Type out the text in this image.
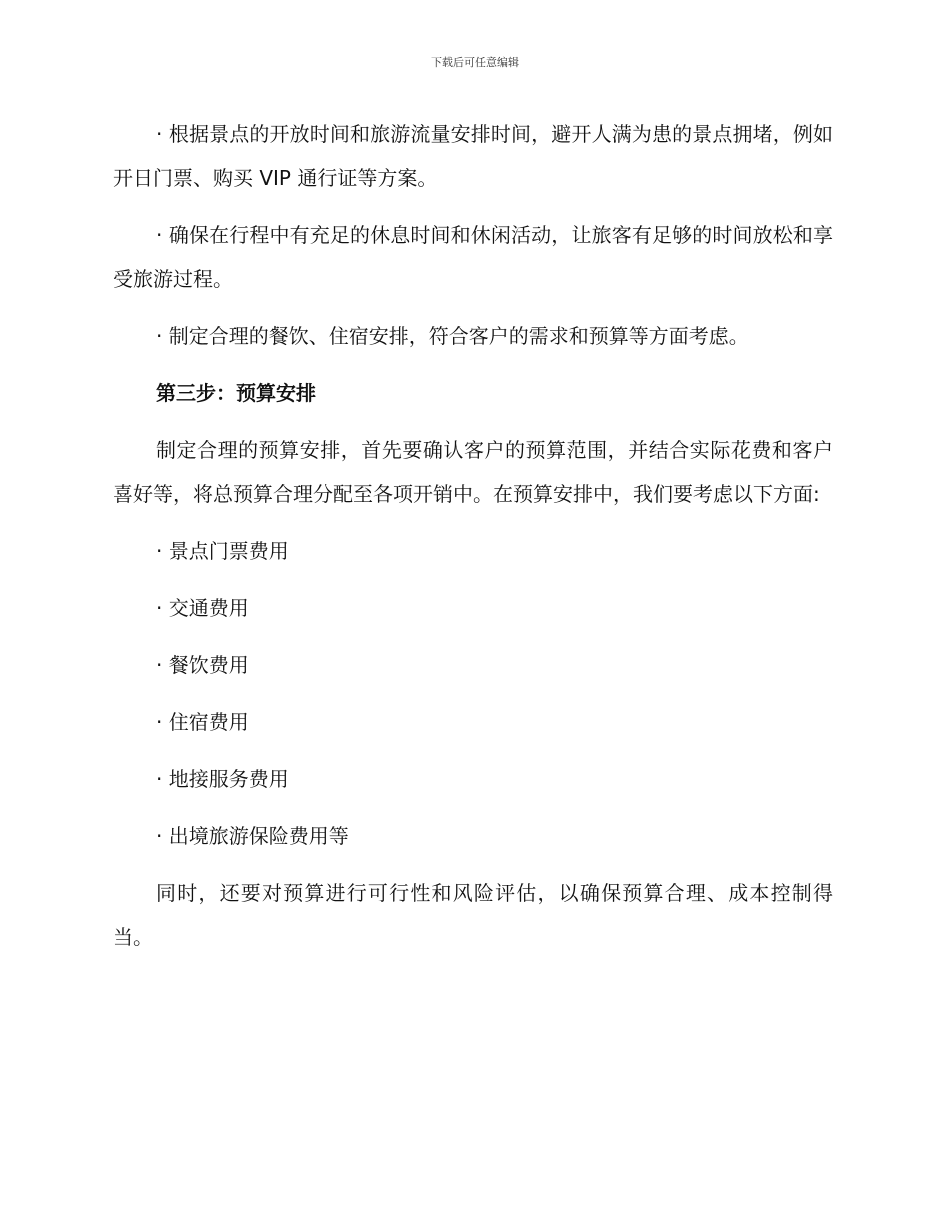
下载后可任意编辑

· 根据景点的开放时间和旅游流量安排时间，避开人满为患的景点拥堵，例如开日门票、购买 VIP 通行证等方案。

· 确保在行程中有充足的休息时间和休闲活动，让旅客有足够的时间放松和享受旅游过程。

· 制定合理的餐饮、住宿安排，符合客户的需求和预算等方面考虑。

第三步：预算安排

制定合理的预算安排，首先要确认客户的预算范围，并结合实际花费和客户喜好等，将总预算合理分配至各项开销中。在预算安排中，我们要考虑以下方面:

· 景点门票费用

· 交通费用

· 餐饮费用

· 住宿费用

· 地接服务费用

· 出境旅游保险费用等

同时，还要对预算进行可行性和风险评估，以确保预算合理、成本控制得当。
